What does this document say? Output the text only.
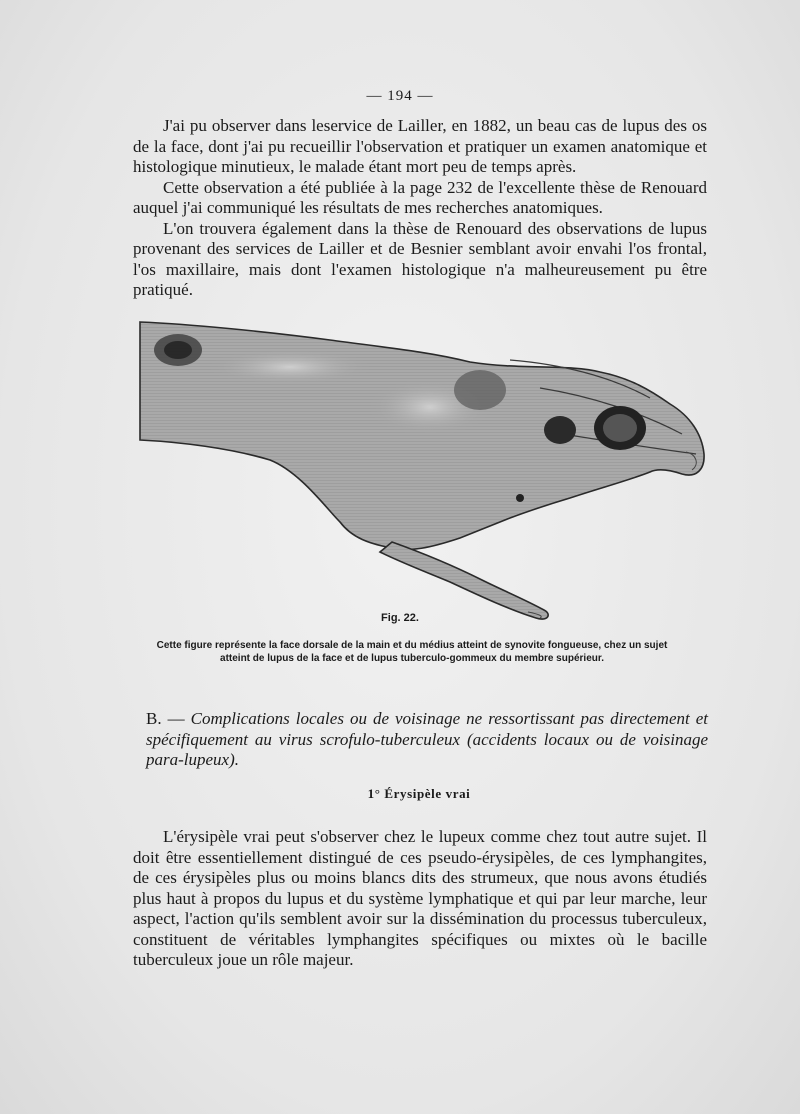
— 194 —

J'ai pu observer dans leservice de Lailler, en 1882, un beau cas de lupus des os de la face, dont j'ai pu recueillir l'observation et pratiquer un examen anatomique et histologique minutieux, le malade étant mort peu de temps après.

Cette observation a été publiée à la page 232 de l'excellente thèse de Renouard auquel j'ai communiqué les résultats de mes recherches anatomiques.

L'on trouvera également dans la thèse de Renouard des observations de lupus provenant des services de Lailler et de Besnier semblant avoir envahi l'os frontal, l'os maxillaire, mais dont l'examen histologique n'a malheureusement pu être pratiqué.

Fig. 22.
Cette figure représente la face dorsale de la main et du médius atteint de synovite fongueuse, chez un sujet atteint de lupus de la face et de lupus tuberculo-gommeux du membre supérieur.
B. — Complications locales ou de voisinage ne ressortissant pas directement et spécifiquement au virus scrofulo-tuberculeux (accidents locaux ou de voisinage para-lupeux).
1° Érysipèle vrai

L'érysipèle vrai peut s'observer chez le lupeux comme chez tout autre sujet. Il doit être essentiellement distingué de ces pseudo-érysipèles, de ces lymphangites, de ces érysipèles plus ou moins blancs dits des strumeux, que nous avons étudiés plus haut à propos du lupus et du système lymphatique et qui par leur marche, leur aspect, l'action qu'ils semblent avoir sur la dissémination du processus tuberculeux, constituent de véritables lymphangites spécifiques ou mixtes où le bacille tuberculeux joue un rôle majeur.
